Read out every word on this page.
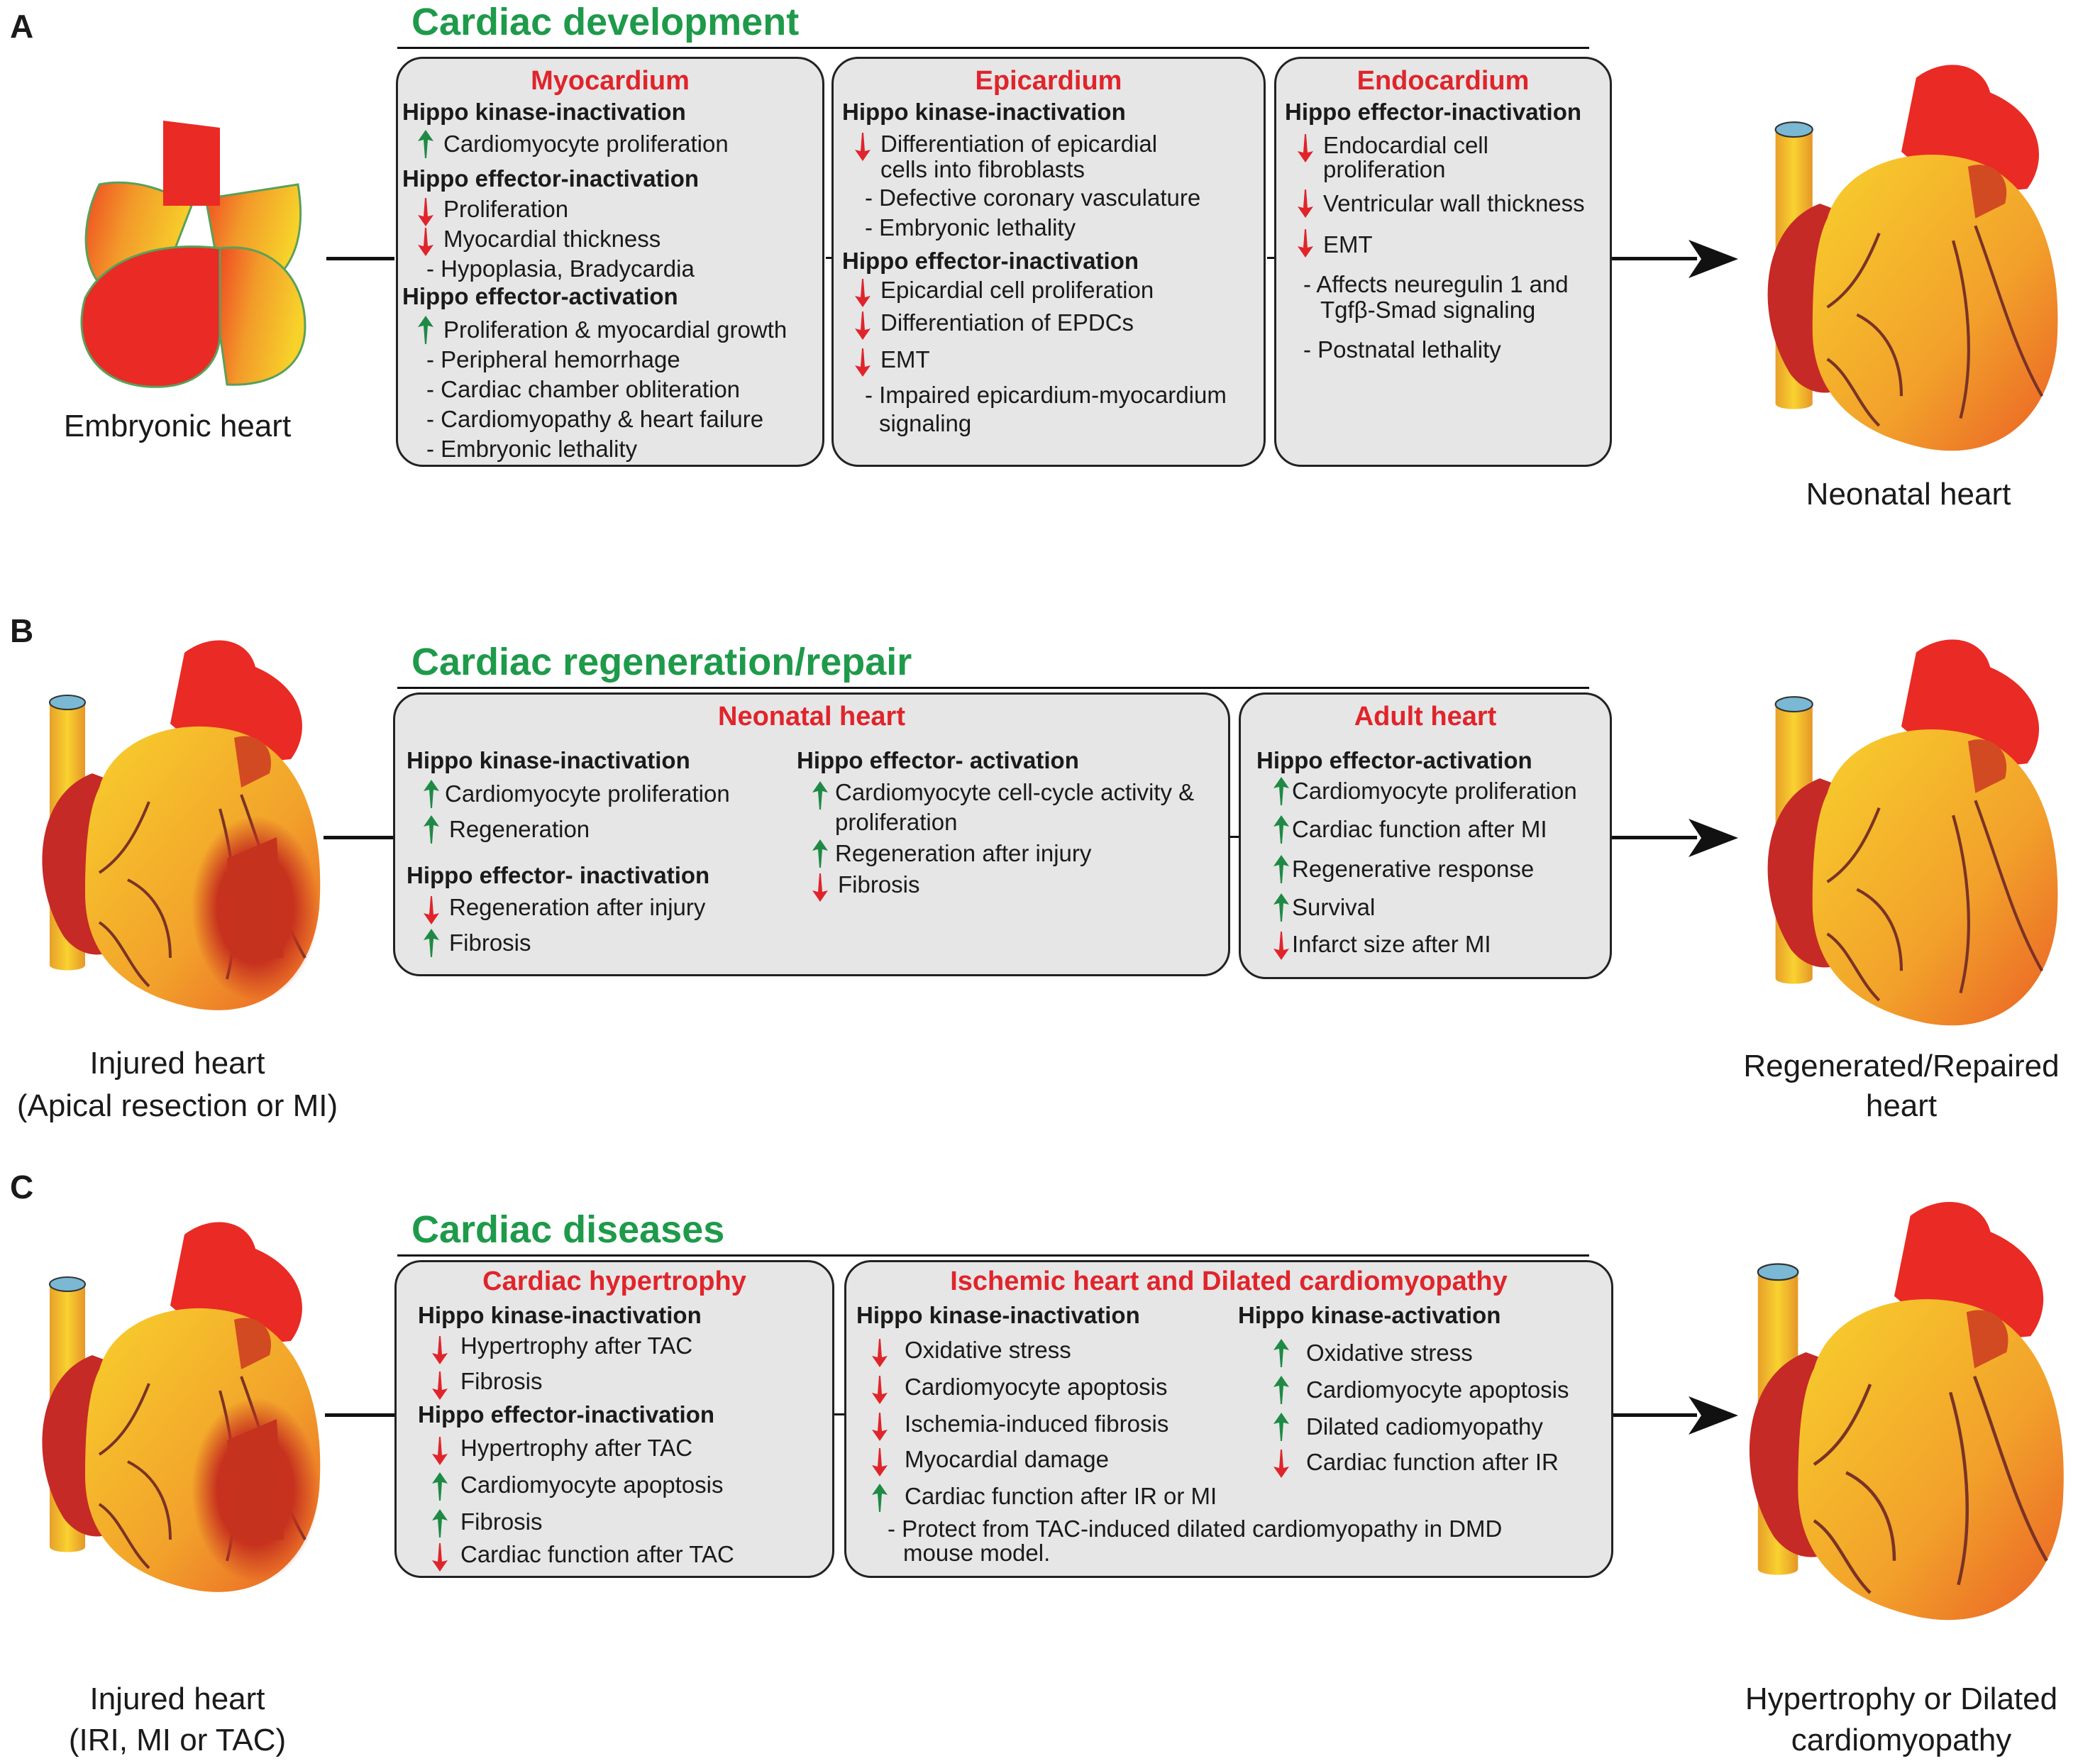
A	Cardiac development
Embryonic heart
Neonatal heart
Myocardium
Hippo kinase-inactivation
Cardiomyocyte proliferation
Hippo effector-inactivation
Proliferation
Myocardial thickness
- Hypoplasia, Bradycardia
Hippo effector-activation
Proliferation & myocardial growth
- Peripheral hemorrhage
- Cardiac chamber obliteration
- Cardiomyopathy & heart failure
- Embryonic lethality
Epicardium
Hippo kinase-inactivation
Differentiation of epicardial
cells into fibroblasts
- Defective coronary vasculature
- Embryonic lethality
Hippo effector-inactivation
Epicardial cell proliferation
Differentiation of EPDCs
EMT
- Impaired epicardium-myocardium
signaling
Endocardium
Hippo effector-inactivation
Endocardial cell
proliferation
Ventricular wall thickness
EMT
- Affects neuregulin 1 and
Tgfβ-Smad signaling
- Postnatal lethality
B
Cardiac regeneration/repair
Injured heart
(Apical resection or MI)
Regenerated/Repaired
heart
Neonatal heart
Hippo kinase-inactivation
Cardiomyocyte proliferation
Regeneration
Hippo effector- inactivation
Regeneration after injury
Fibrosis
Hippo effector- activation
Cardiomyocyte cell-cycle activity &
proliferation
Regeneration after injury
Fibrosis
Adult heart
Hippo effector-activation
Cardiomyocyte proliferation
Cardiac function after MI
Regenerative response
Survival
Infarct size after MI
C
Cardiac diseases
Injured heart
(IRI, MI or TAC)
Hypertrophy or Dilated
cardiomyopathy
Cardiac hypertrophy
Hippo kinase-inactivation
Hypertrophy after TAC
Fibrosis
Hippo effector-inactivation
Hypertrophy after TAC
Cardiomyocyte apoptosis
Fibrosis
Cardiac function after TAC
Ischemic heart and Dilated cardiomyopathy
Hippo kinase-inactivation
Oxidative stress
Cardiomyocyte apoptosis
Ischemia-induced fibrosis
Myocardial damage
Cardiac function after IR or MI
- Protect from TAC-induced dilated cardiomyopathy in DMD
mouse model.
Hippo kinase-activation
Oxidative stress
Cardiomyocyte apoptosis
Dilated cadiomyopathy
Cardiac function after IR
